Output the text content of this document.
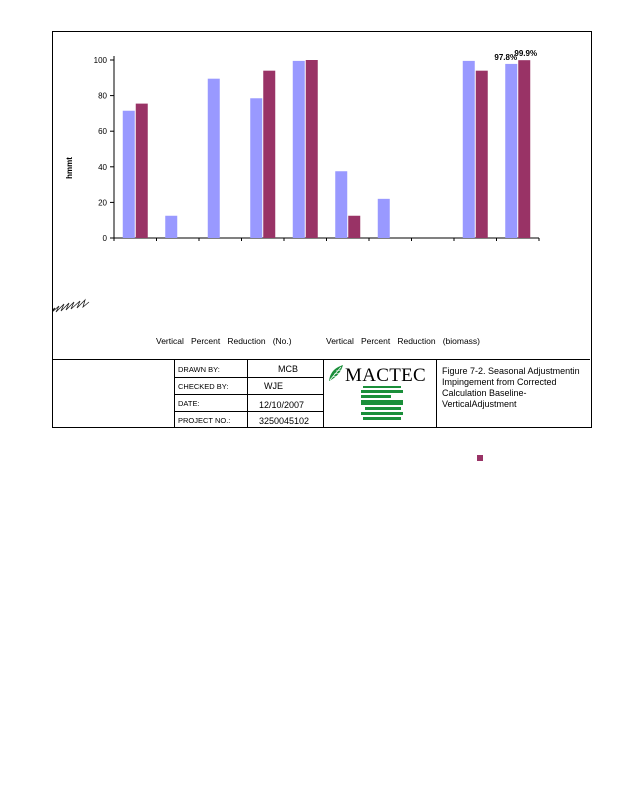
0
20
40
60
80
100	97.8%
99.9%
hmmt
Vertical   Percent   Reduction   (No.)	Vertical   Percent   Reduction   (biomass)
DRAWN BY:	MCB
CHECKED BY:	WJE
DATE:	12/10/2007
PROJECT NO.:	3250045102
MACTEC Figure 7-2. Seasonal Adjustmentin Impingement from Corrected Calculation Baseline-VerticalAdjustment
